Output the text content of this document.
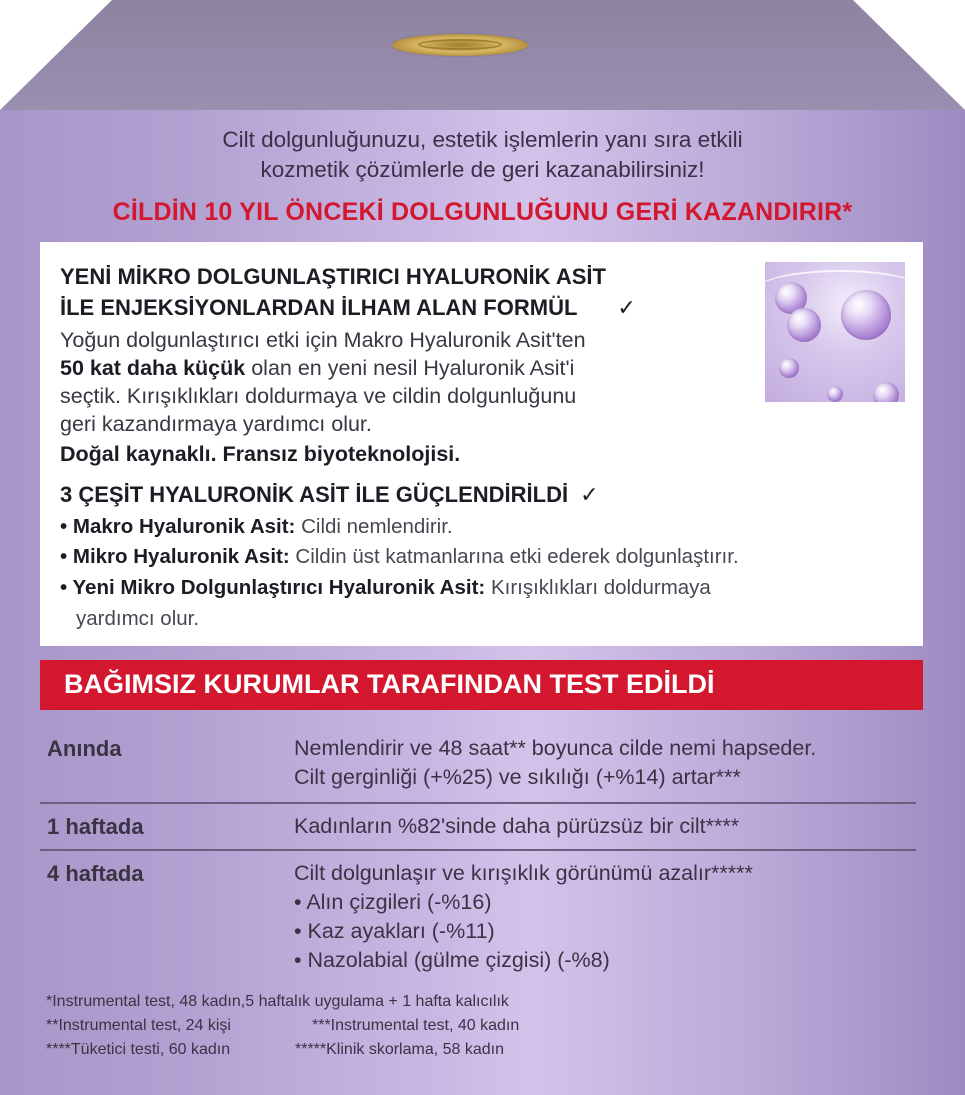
Cilt dolgunluğunuzu, estetik işlemlerin yanı sıra etkili
kozmetik çözümlerle de geri kazanabilirsiniz!
CİLDİN 10 YIL ÖNCEKİ DOLGUNLUĞUNU GERİ KAZANDIRIR*
YENİ MİKRO DOLGUNLAŞTIRICI HYALURONİK ASİT
İLE ENJEKSİYONLARDAN İLHAM ALAN FORMÜL ✓
Yoğun dolgunlaştırıcı etki için Makro Hyaluronik Asit'ten
50 kat daha küçük olan en yeni nesil Hyaluronik Asit'i
seçtik. Kırışıklıkları doldurmaya ve cildin dolgunluğunu
geri kazandırmaya yardımcı olur.
Doğal kaynaklı. Fransız biyoteknolojisi.
3 ÇEŞİT HYALURONİK ASİT İLE GÜÇLENDİRİLDİ ✓
• Makro Hyaluronik Asit: Cildi nemlendirir.
• Mikro Hyaluronik Asit: Cildin üst katmanlarına etki ederek dolgunlaştırır.
• Yeni Mikro Dolgunlaştırıcı Hyaluronik Asit: Kırışıklıkları doldurmaya
yardımcı olur.
BAĞIMSIZ KURUMLAR TARAFINDAN TEST EDİLDİ
Anında	Nemlendirir ve 48 saat** boyunca cilde nemi hapseder.
Cilt gerginliği (+%25) ve sıkılığı (+%14) artar***
1 haftada	Kadınların %82'sinde daha pürüzsüz bir cilt****
4 haftada	Cilt dolgunlaşır ve kırışıklık görünümü azalır*****
• Alın çizgileri (-%16)
• Kaz ayakları (-%11)
• Nazolabial (gülme çizgisi) (-%8)
*Instrumental test, 48 kadın,5 haftalık uygulama + 1 hafta kalıcılık
**Instrumental test, 24 kişi	***Instrumental test, 40 kadın
****Tüketici testi, 60 kadın	*****Klinik skorlama, 58 kadın
